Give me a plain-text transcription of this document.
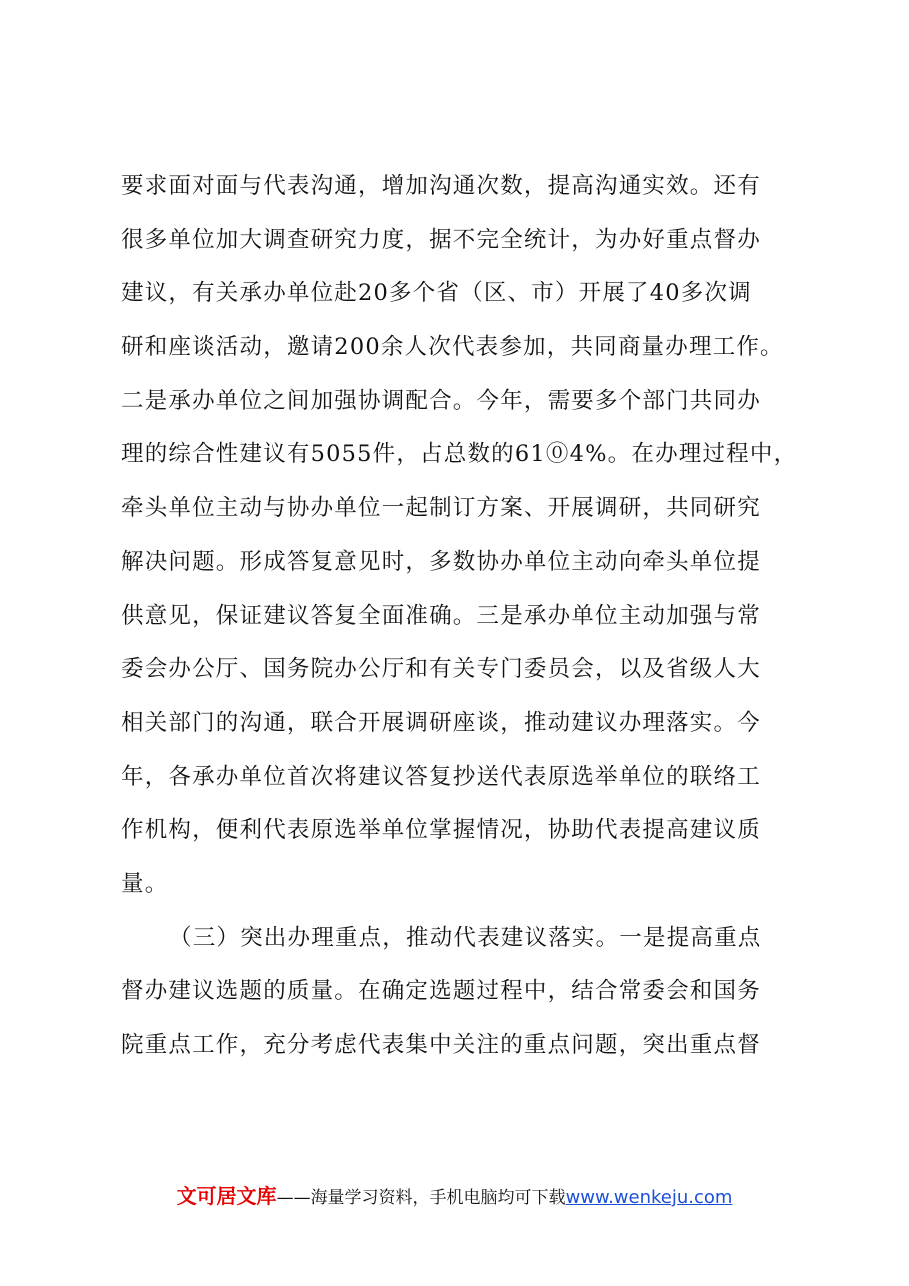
要求面对面与代表沟通，增加沟通次数，提高沟通实效。还有
很多单位加大调查研究力度，据不完全统计，为办好重点督办
建议，有关承办单位赴20多个省（区、市）开展了40多次调
研和座谈活动，邀请200余人次代表参加，共同商量办理工作。
二是承办单位之间加强协调配合。今年，需要多个部门共同办
理的综合性建议有5055件，占总数的61⓪4%。在办理过程中，
牵头单位主动与协办单位一起制订方案、开展调研，共同研究
解决问题。形成答复意见时，多数协办单位主动向牵头单位提
供意见，保证建议答复全面准确。三是承办单位主动加强与常
委会办公厅、国务院办公厅和有关专门委员会，以及省级人大
相关部门的沟通，联合开展调研座谈，推动建议办理落实。今
年，各承办单位首次将建议答复抄送代表原选举单位的联络工
作机构，便利代表原选举单位掌握情况，协助代表提高建议质
量。
（三）突出办理重点，推动代表建议落实。一是提高重点
督办建议选题的质量。在确定选题过程中，结合常委会和国务
院重点工作，充分考虑代表集中关注的重点问题，突出重点督
文可居文库——海量学习资料，手机电脑均可下载www.wenkeju.com
